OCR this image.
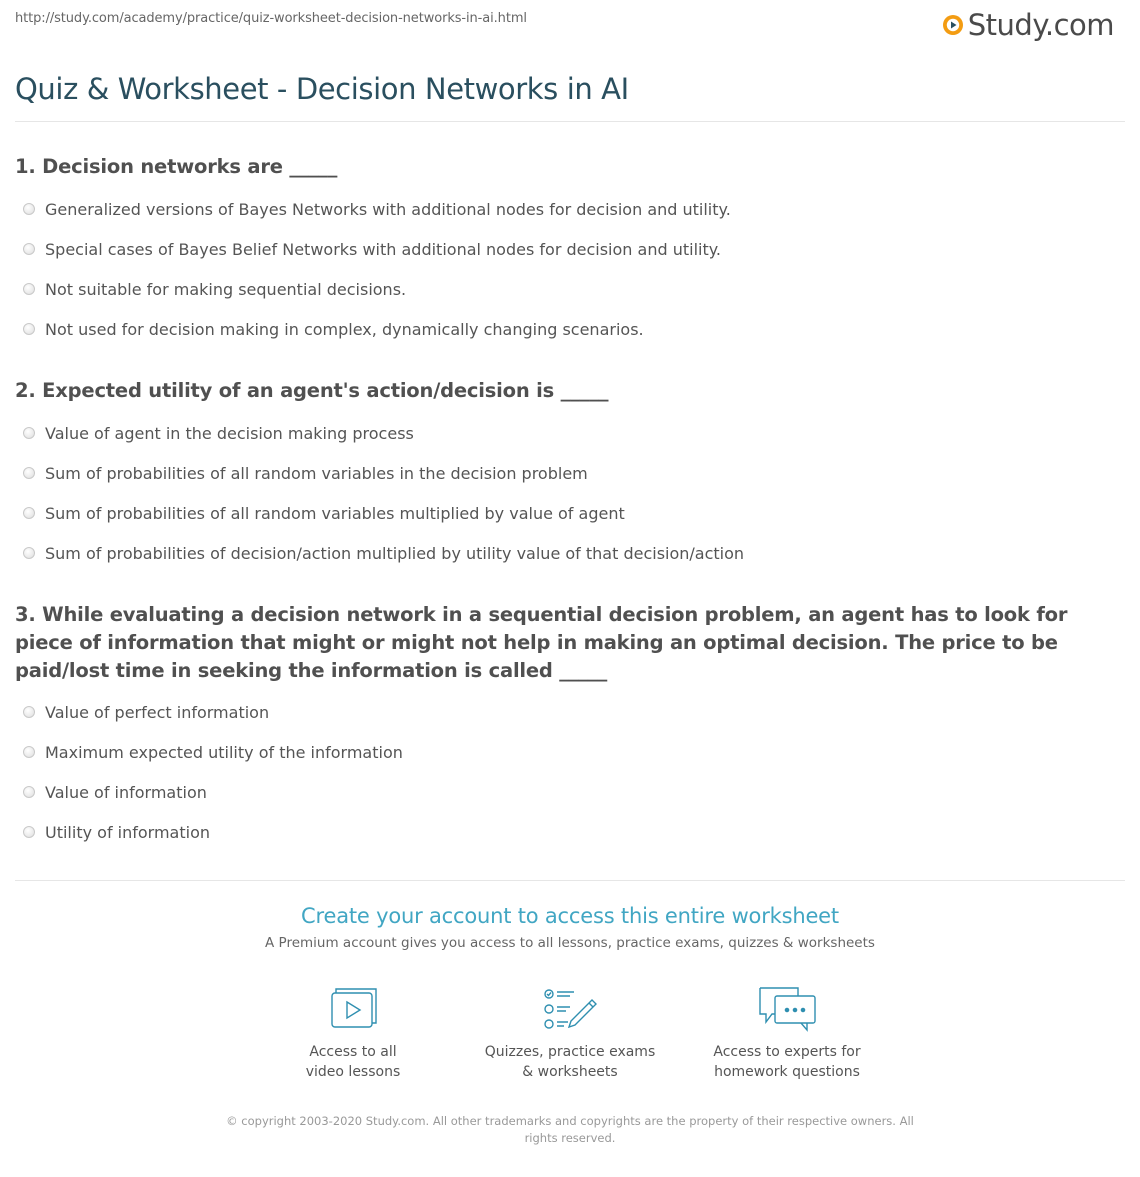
http://study.com/academy/practice/quiz-worksheet-decision-networks-in-ai.html	Study.com
Quiz & Worksheet - Decision Networks in AI

1. Decision networks are _____

Generalized versions of Bayes Networks with additional nodes for decision and utility.
Special cases of Bayes Belief Networks with additional nodes for decision and utility.
Not suitable for making sequential decisions.
Not used for decision making in complex, dynamically changing scenarios.

2. Expected utility of an agent's action/decision is _____

Value of agent in the decision making process
Sum of probabilities of all random variables in the decision problem
Sum of probabilities of all random variables multiplied by value of agent
Sum of probabilities of decision/action multiplied by utility value of that decision/action

3. While evaluating a decision network in a sequential decision problem, an agent has to look for piece of information that might or might not help in making an optimal decision. The price to be paid/lost time in seeking the information is called _____

Value of perfect information
Maximum expected utility of the information
Value of information
Utility of information

Create your account to access this entire worksheet

A Premium account gives you access to all lessons, practice exams, quizzes & worksheets
Access to all
video lessons
Quizzes, practice exams
& worksheets
Access to experts for
homework questions
© copyright 2003-2020 Study.com. All other trademarks and copyrights are the property of their respective owners. All rights reserved.
